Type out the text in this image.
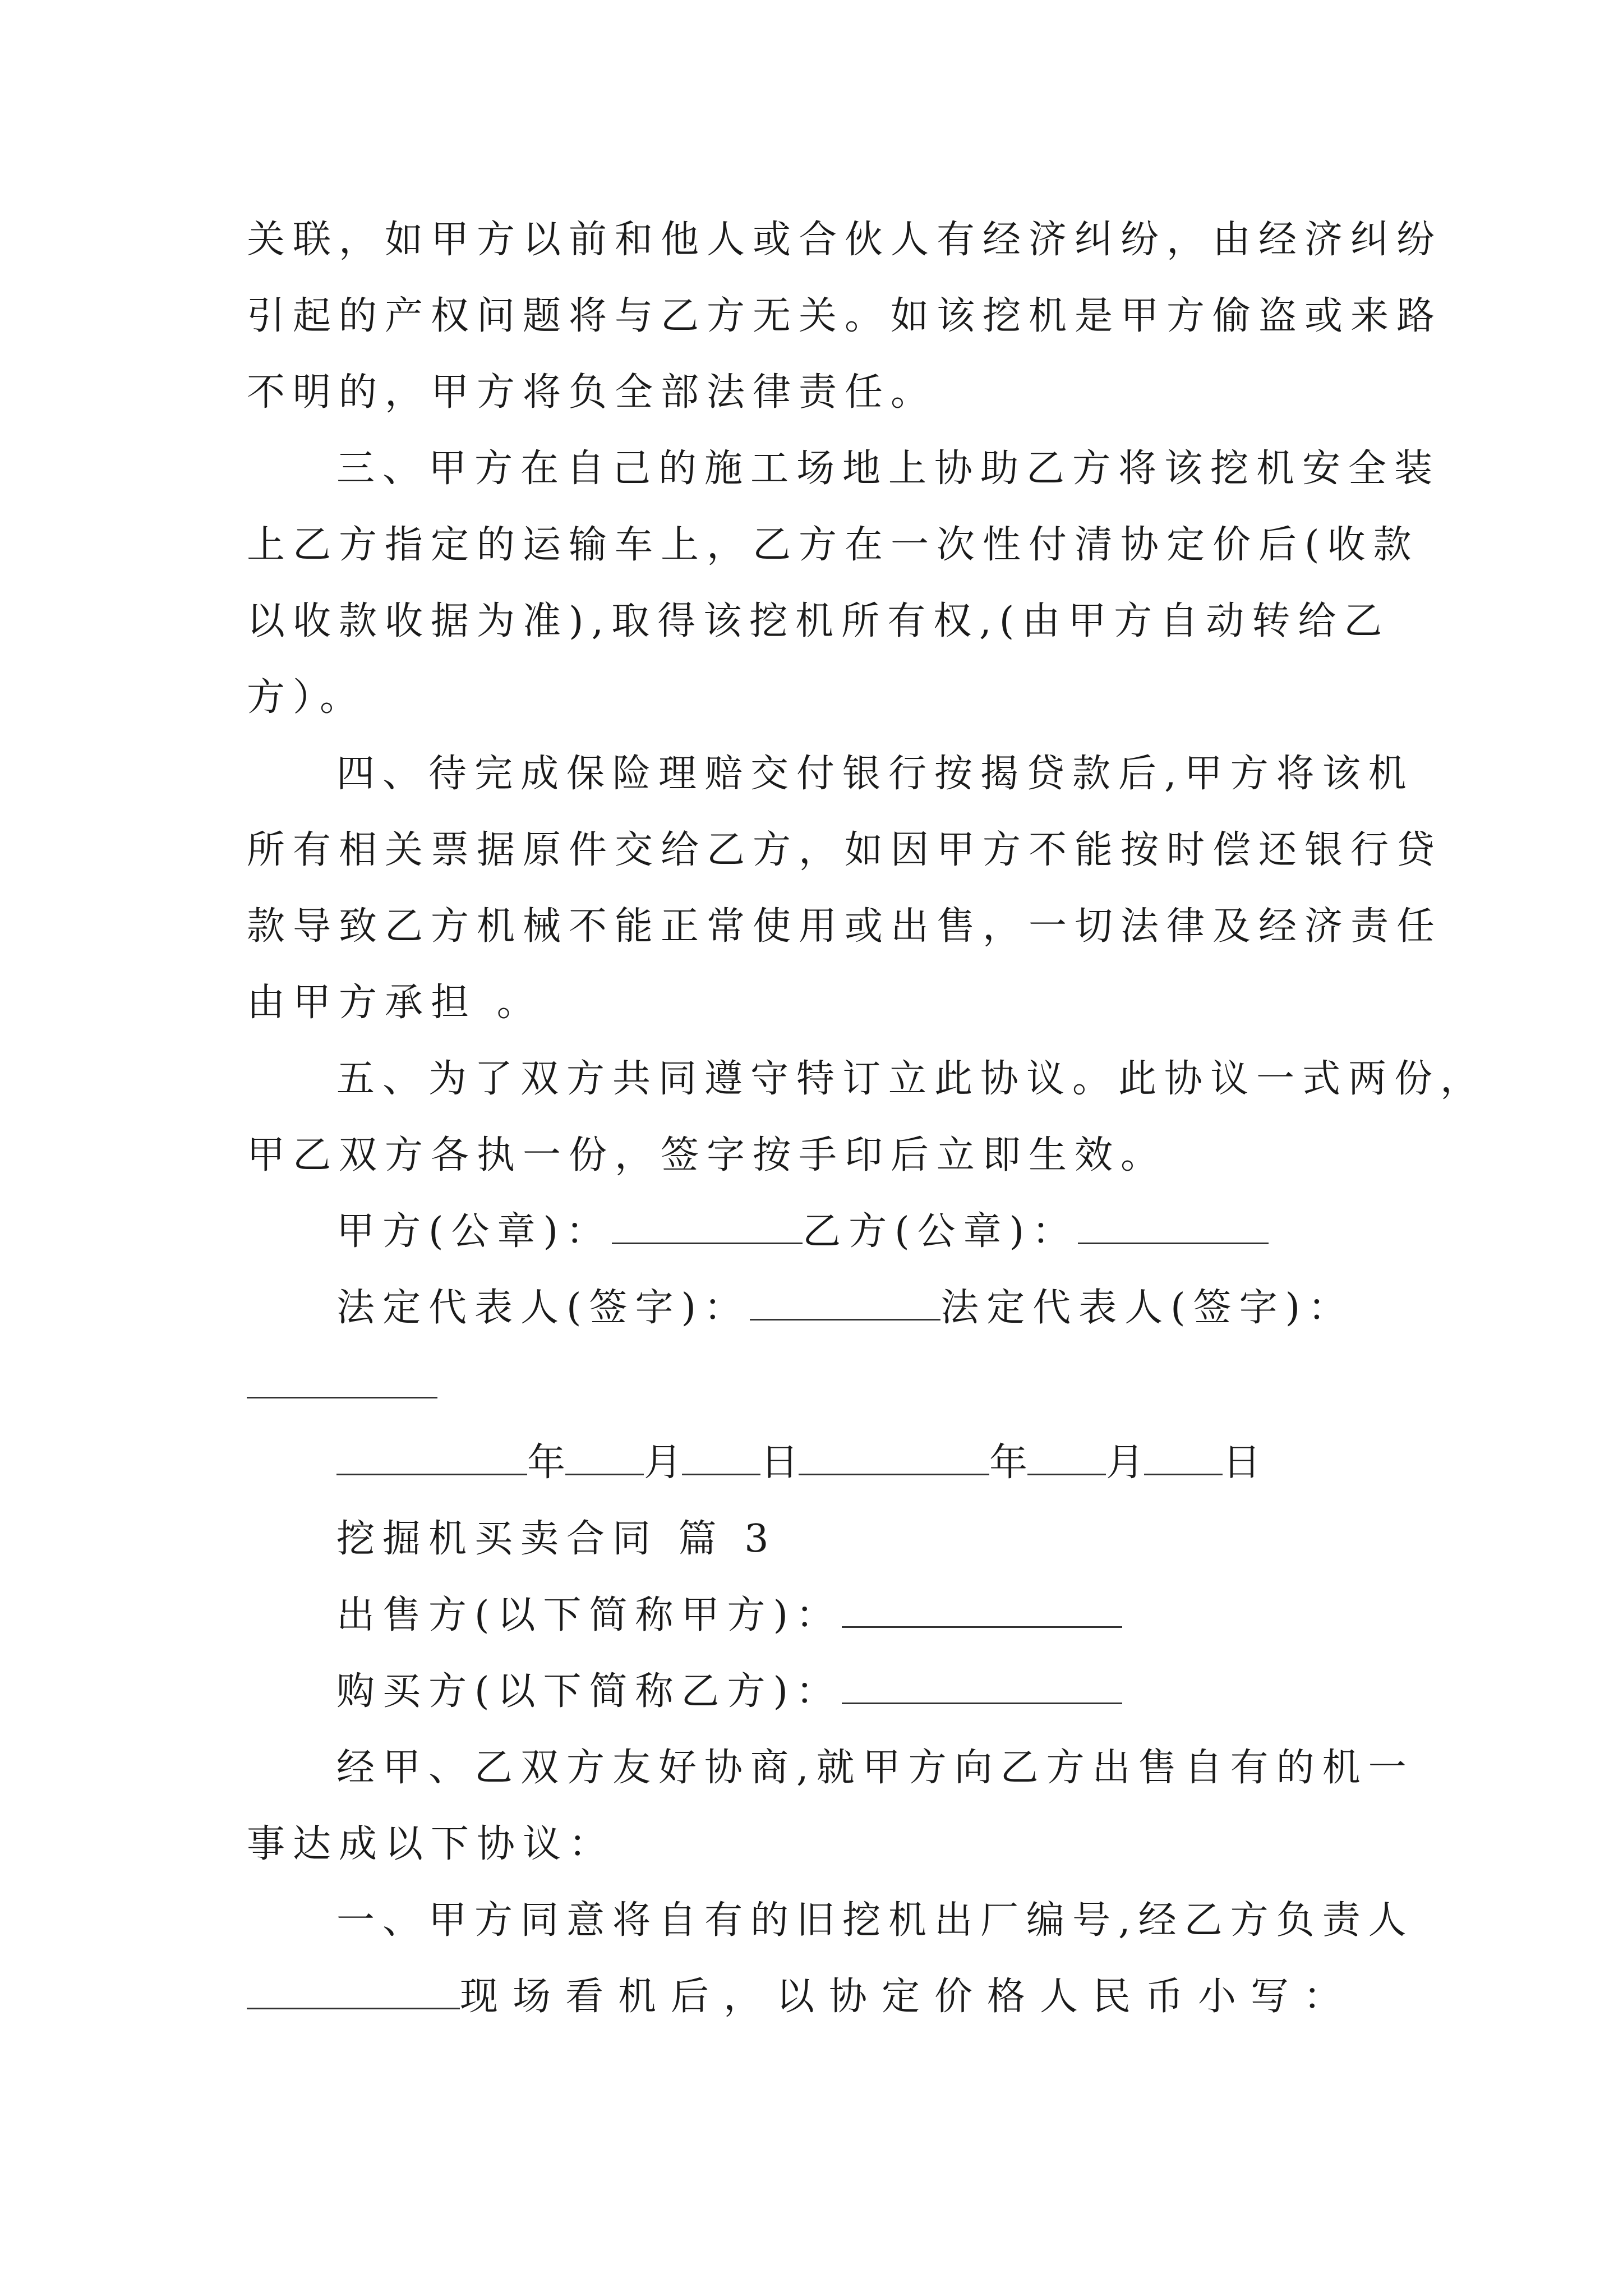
关联，如甲方以前和他人或合伙人有经济纠纷，由经济纠纷
引起的产权问题将与乙方无关。如该挖机是甲方偷盗或来路
不明的，甲方将负全部法律责任。
三、甲方在自己的施工场地上协助乙方将该挖机安全装
上乙方指定的运输车上，乙方在一次性付清协定价后(收款
以收款收据为准),取得该挖机所有权,(由甲方自动转给乙
方）。
四、待完成保险理赔交付银行按揭贷款后,甲方将该机
所有相关票据原件交给乙方，如因甲方不能按时偿还银行贷
款导致乙方机械不能正常使用或出售，一切法律及经济责任
由甲方承担 。
五、为了双方共同遵守特订立此协议。此协议一式两份，
甲乙双方各执一份，签字按手印后立即生效。
甲方(公章)：	乙方(公章)：
法定代表人(签字)：	法定代表人(签字)：
年 月 日	年 月 日
挖掘机买卖合同 篇 3
出售方(以下简称甲方)：
购买方(以下简称乙方)：
经甲、乙双方友好协商,就甲方向乙方出售自有的机一
事达成以下协议：
一、甲方同意将自有的旧挖机出厂编号,经乙方负责人
现场看机后，以协定价格人民币小写：
